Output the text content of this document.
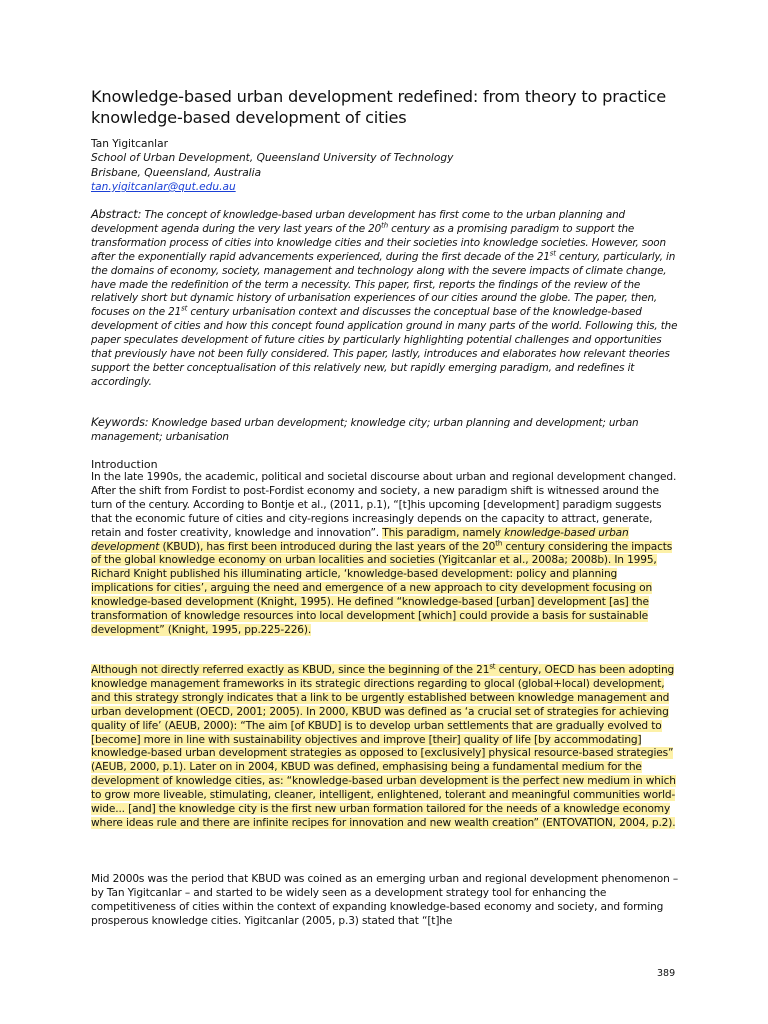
Knowledge-based urban development redefined: from theory to practice knowledge-based development of cities
Tan Yigitcanlar
School of Urban Development, Queensland University of Technology
Brisbane, Queensland, Australia
tan.yigitcanlar@qut.edu.au
Abstract: The concept of knowledge-based urban development has first come to the urban planning and development agenda during the very last years of the 20th century as a promising paradigm to support the transformation process of cities into knowledge cities and their societies into knowledge societies. However, soon after the exponentially rapid advancements experienced, during the first decade of the 21st century, particularly, in the domains of economy, society, management and technology along with the severe impacts of climate change, have made the redefinition of the term a necessity. This paper, first, reports the findings of the review of the relatively short but dynamic history of urbanisation experiences of our cities around the globe. The paper, then, focuses on the 21st century urbanisation context and discusses the conceptual base of the knowledge-based development of cities and how this concept found application ground in many parts of the world. Following this, the paper speculates development of future cities by particularly highlighting potential challenges and opportunities that previously have not been fully considered. This paper, lastly, introduces and elaborates how relevant theories support the better conceptualisation of this relatively new, but rapidly emerging paradigm, and redefines it accordingly.
Keywords: Knowledge based urban development; knowledge city; urban planning and development; urban management; urbanisation
Introduction
In the late 1990s, the academic, political and societal discourse about urban and regional development changed. After the shift from Fordist to post-Fordist economy and society, a new paradigm shift is witnessed around the turn of the century. According to Bontje et al., (2011, p.1), “[t]his upcoming [development] paradigm suggests that the economic future of cities and city-regions increasingly depends on the capacity to attract, generate, retain and foster creativity, knowledge and innovation”. This paradigm, namely knowledge-based urban development (KBUD), has first been introduced during the last years of the 20th century considering the impacts of the global knowledge economy on urban localities and societies (Yigitcanlar et al., 2008a; 2008b). In 1995, Richard Knight published his illuminating article, ‘knowledge-based development: policy and planning implications for cities’, arguing the need and emergence of a new approach to city development focusing on knowledge-based development (Knight, 1995). He defined “knowledge-based [urban] development [as] the transformation of knowledge resources into local development [which] could provide a basis for sustainable development” (Knight, 1995, pp.225-226).
Although not directly referred exactly as KBUD, since the beginning of the 21st century, OECD has been adopting knowledge management frameworks in its strategic directions regarding to glocal (global+local) development, and this strategy strongly indicates that a link to be urgently established between knowledge management and urban development (OECD, 2001; 2005). In 2000, KBUD was defined as ‘a crucial set of strategies for achieving quality of life’ (AEUB, 2000): “The aim [of KBUD] is to develop urban settlements that are gradually evolved to [become] more in line with sustainability objectives and improve [their] quality of life [by accommodating] knowledge-based urban development strategies as opposed to [exclusively] physical resource-based strategies” (AEUB, 2000, p.1). Later on in 2004, KBUD was defined, emphasising being a fundamental medium for the development of knowledge cities, as: “knowledge-based urban development is the perfect new medium in which to grow more liveable, stimulating, cleaner, intelligent, enlightened, tolerant and meaningful communities world-wide... [and] the knowledge city is the first new urban formation tailored for the needs of a knowledge economy where ideas rule and there are infinite recipes for innovation and new wealth creation” (ENTOVATION, 2004, p.2).
Mid 2000s was the period that KBUD was coined as an emerging urban and regional development phenomenon – by Tan Yigitcanlar – and started to be widely seen as a development strategy tool for enhancing the competitiveness of cities within the context of expanding knowledge-based economy and society, and forming prosperous knowledge cities. Yigitcanlar (2005, p.3) stated that “[t]he
389
